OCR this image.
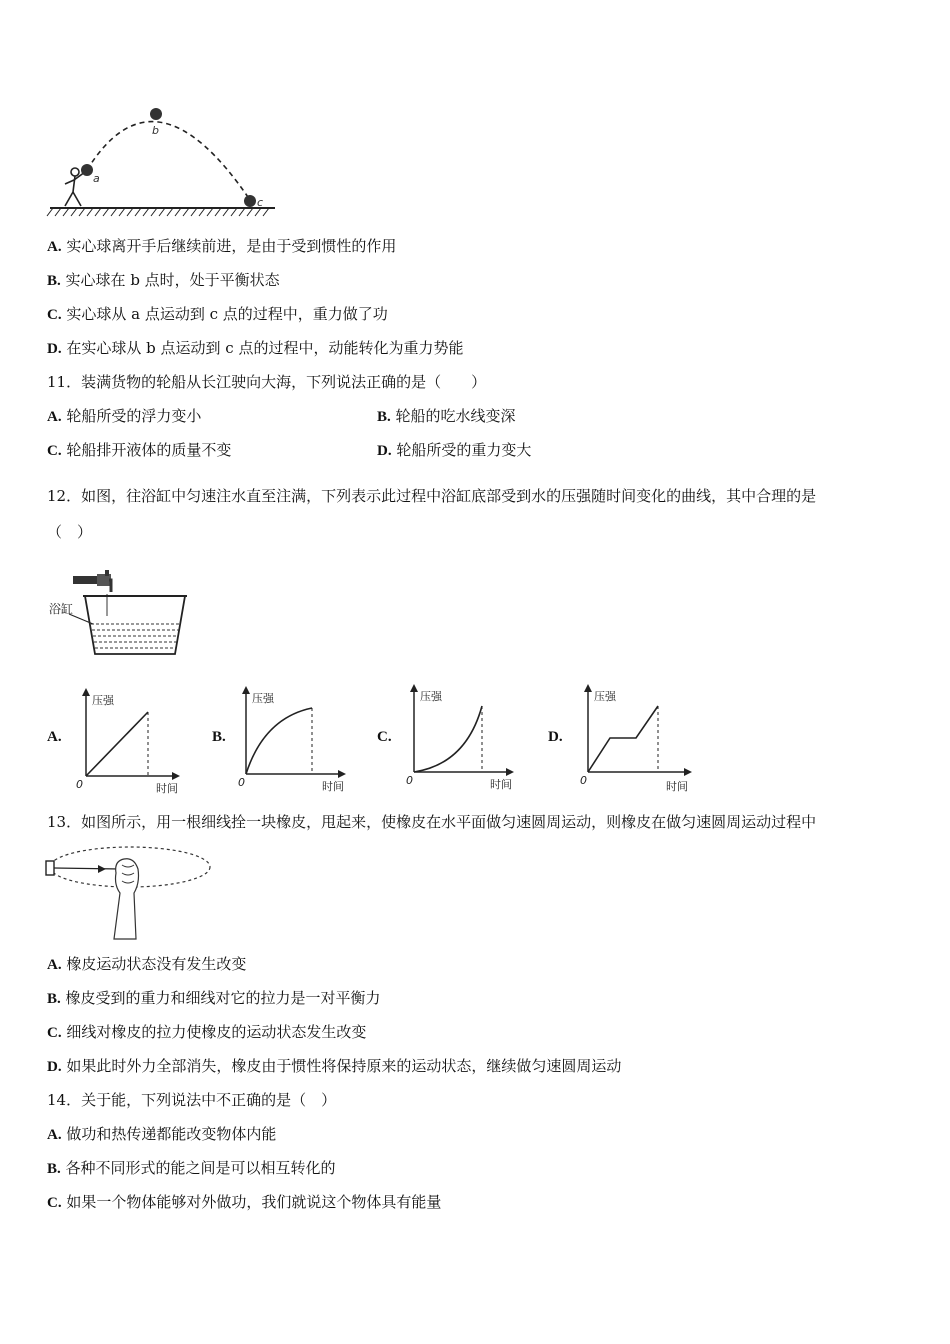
a
b
c
A. 实心球离开手后继续前进，是由于受到惯性的作用
B. 实心球在 b 点时，处于平衡状态
C. 实心球从 a 点运动到 c 点的过程中，重力做了功
D. 在实心球从 b 点运动到 c 点的过程中，动能转化为重力势能
11．装满货物的轮船从长江驶向大海，下列说法正确的是（　　）
A. 轮船所受的浮力变小	B. 轮船的吃水线变深
C. 轮船排开液体的质量不变	D. 轮船所受的重力变大
12．如图，往浴缸中匀速注水直至注满，下列表示此过程中浴缸底部受到水的压强随时间变化的曲线，其中合理的是
（　）
浴缸
A.
压强
时间
0
B.
压强
时间
0
C.
压强
时间
0
D.
压强
时间
0
13．如图所示，用一根细线拴一块橡皮，甩起来，使橡皮在水平面做匀速圆周运动，则橡皮在做匀速圆周运动过程中
A. 橡皮运动状态没有发生改变
B. 橡皮受到的重力和细线对它的拉力是一对平衡力
C. 细线对橡皮的拉力使橡皮的运动状态发生改变
D. 如果此时外力全部消失，橡皮由于惯性将保持原来的运动状态，继续做匀速圆周运动
14．关于能，下列说法中不正确的是（　）
A. 做功和热传递都能改变物体内能
B. 各种不同形式的能之间是可以相互转化的
C. 如果一个物体能够对外做功，我们就说这个物体具有能量
